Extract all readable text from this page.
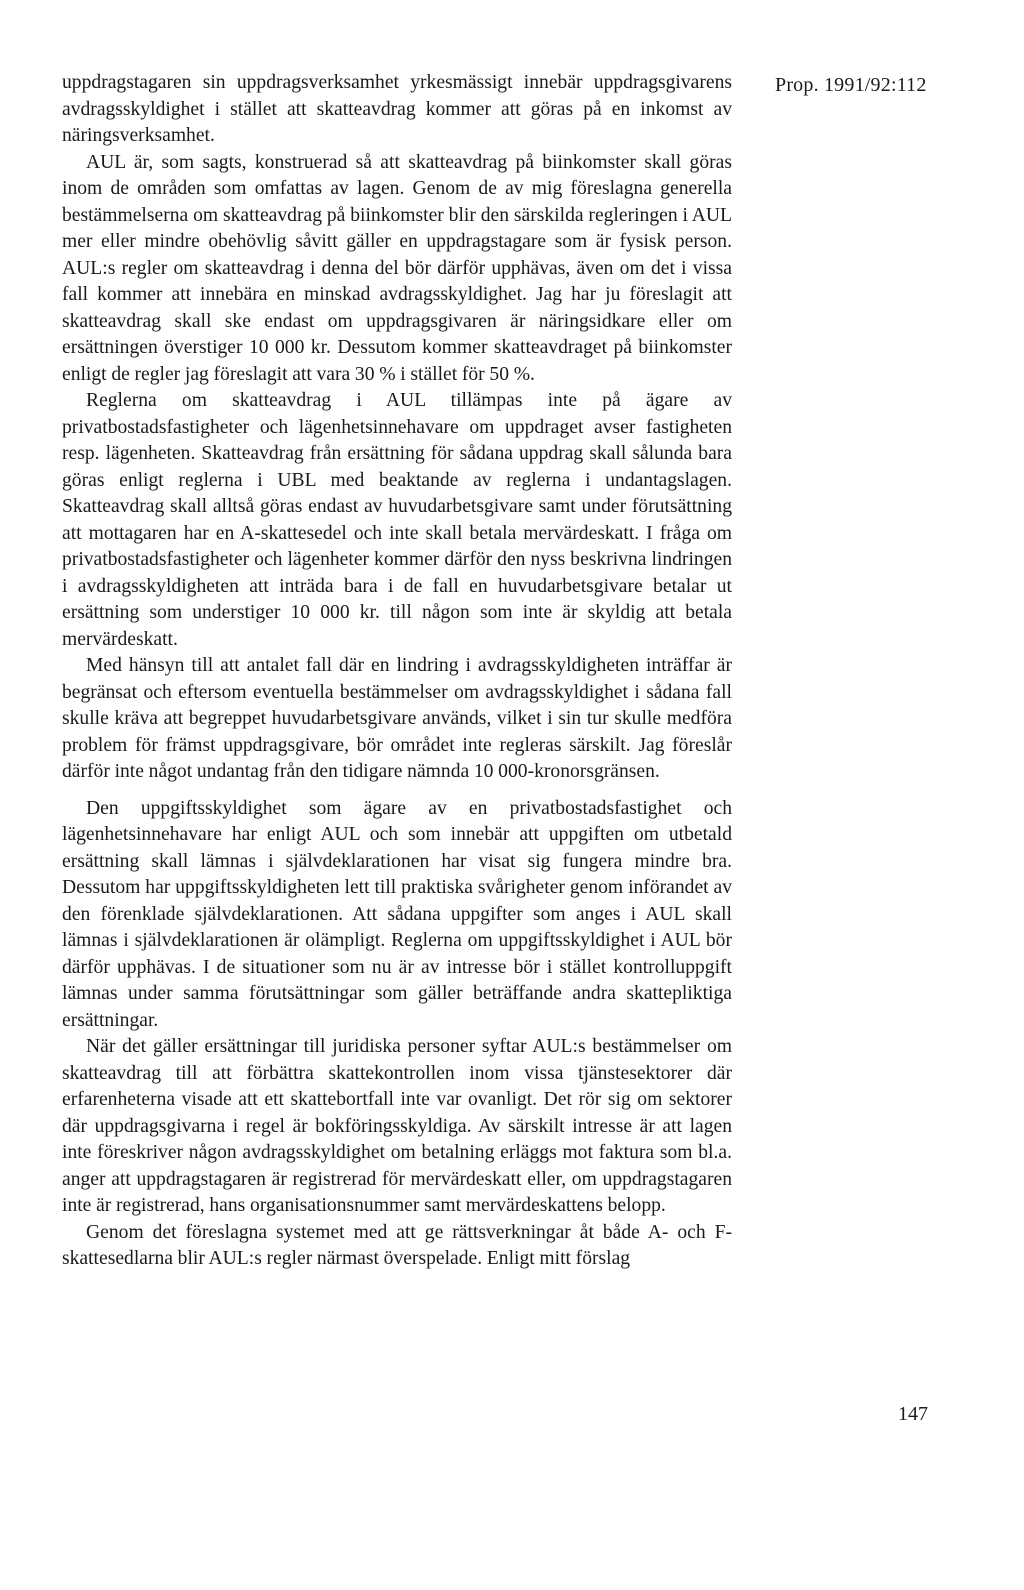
Prop. 1991/92:112

uppdragstagaren sin uppdragsverksamhet yrkesmässigt innebär uppdragsgivarens avdragsskyldighet i stället att skatteavdrag kommer att göras på en inkomst av näringsverksamhet.

AUL är, som sagts, konstruerad så att skatteavdrag på biinkomster skall göras inom de områden som omfattas av lagen. Genom de av mig föreslagna generella bestämmelserna om skatteavdrag på biinkomster blir den särskilda regleringen i AUL mer eller mindre obehövlig såvitt gäller en uppdragstagare som är fysisk person. AUL:s regler om skatteavdrag i denna del bör därför upphävas, även om det i vissa fall kommer att innebära en minskad avdragsskyldighet. Jag har ju föreslagit att skatteavdrag skall ske endast om uppdragsgivaren är näringsidkare eller om ersättningen överstiger 10 000 kr. Dessutom kommer skatteavdraget på biinkomster enligt de regler jag föreslagit att vara 30 % i stället för 50 %.

Reglerna om skatteavdrag i AUL tillämpas inte på ägare av privatbostadsfastigheter och lägenhetsinnehavare om uppdraget avser fastigheten resp. lägenheten. Skatteavdrag från ersättning för sådana uppdrag skall sålunda bara göras enligt reglerna i UBL med beaktande av reglerna i undantagslagen. Skatteavdrag skall alltså göras endast av huvudarbetsgivare samt under förutsättning att mottagaren har en A-skattesedel och inte skall betala mervärdeskatt. I fråga om privatbostadsfastigheter och lägenheter kommer därför den nyss beskrivna lindringen i avdragsskyldigheten att inträda bara i de fall en huvudarbetsgivare betalar ut ersättning som understiger 10 000 kr. till någon som inte är skyldig att betala mervärdeskatt.

Med hänsyn till att antalet fall där en lindring i avdragsskyldigheten inträffar är begränsat och eftersom eventuella bestämmelser om avdragsskyldighet i sådana fall skulle kräva att begreppet huvudarbetsgivare används, vilket i sin tur skulle medföra problem för främst uppdragsgivare, bör området inte regleras särskilt. Jag föreslår därför inte något undantag från den tidigare nämnda 10 000-kronorsgränsen.

Den uppgiftsskyldighet som ägare av en privatbostadsfastighet och lägenhetsinnehavare har enligt AUL och som innebär att uppgiften om utbetald ersättning skall lämnas i självdeklarationen har visat sig fungera mindre bra. Dessutom har uppgiftsskyldigheten lett till praktiska svårigheter genom införandet av den förenklade självdeklarationen. Att sådana uppgifter som anges i AUL skall lämnas i självdeklarationen är olämpligt. Reglerna om uppgiftsskyldighet i AUL bör därför upphävas. I de situationer som nu är av intresse bör i stället kontrolluppgift lämnas under samma förutsättningar som gäller beträffande andra skattepliktiga ersättningar.

När det gäller ersättningar till juridiska personer syftar AUL:s bestämmelser om skatteavdrag till att förbättra skattekontrollen inom vissa tjänstesektorer där erfarenheterna visade att ett skattebortfall inte var ovanligt. Det rör sig om sektorer där uppdragsgivarna i regel är bokföringsskyldiga. Av särskilt intresse är att lagen inte föreskriver någon avdragsskyldighet om betalning erläggs mot faktura som bl.a. anger att uppdragstagaren är registrerad för mervärdeskatt eller, om uppdragstagaren inte är registrerad, hans organisationsnummer samt mervärdeskattens belopp.

Genom det föreslagna systemet med att ge rättsverkningar åt både A- och F-skattesedlarna blir AUL:s regler närmast överspelade. Enligt mitt förslag

147
